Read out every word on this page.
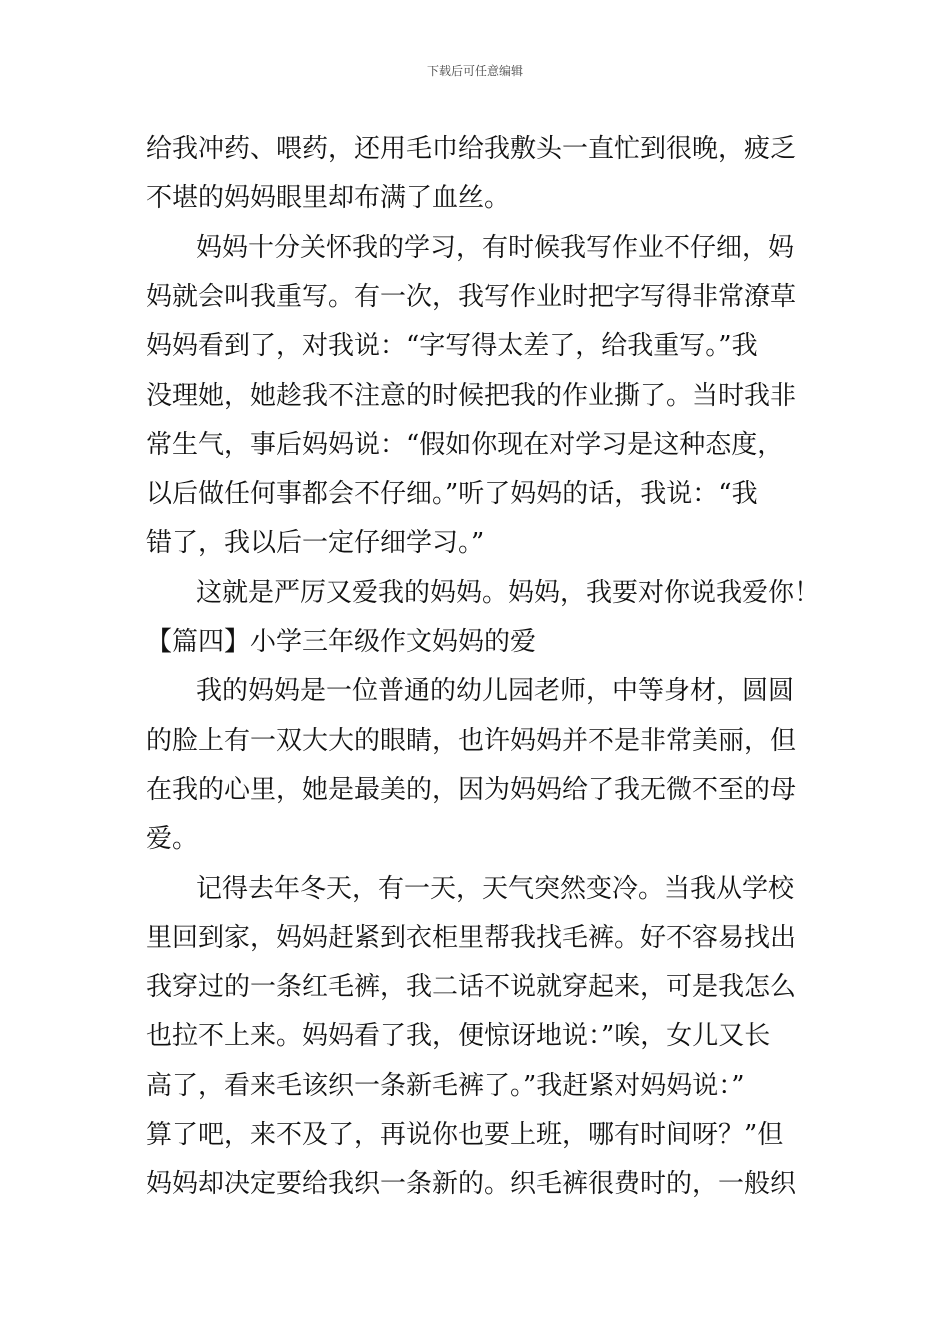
下载后可任意编辑
给我冲药、喂药，还用毛巾给我敷头一直忙到很晚，疲乏
不堪的妈妈眼里却布满了血丝。
妈妈十分关怀我的学习，有时候我写作业不仔细，妈
妈就会叫我重写。有一次，我写作业时把字写得非常潦草
妈妈看到了，对我说：“字写得太差了，给我重写。”我
没理她，她趁我不注意的时候把我的作业撕了。当时我非
常生气，事后妈妈说：“假如你现在对学习是这种态度，
以后做任何事都会不仔细。”听了妈妈的话，我说：“我
错了，我以后一定仔细学习。”
这就是严厉又爱我的妈妈。妈妈，我要对你说我爱你！
【篇四】小学三年级作文妈妈的爱
我的妈妈是一位普通的幼儿园老师，中等身材，圆圆
的脸上有一双大大的眼睛，也许妈妈并不是非常美丽，但
在我的心里，她是最美的，因为妈妈给了我无微不至的母
爱。
记得去年冬天，有一天，天气突然变冷。当我从学校
里回到家，妈妈赶紧到衣柜里帮我找毛裤。好不容易找出
我穿过的一条红毛裤，我二话不说就穿起来，可是我怎么
也拉不上来。妈妈看了我，便惊讶地说：”唉，女儿又长
高了，看来毛该织一条新毛裤了。”我赶紧对妈妈说：”
算了吧，来不及了，再说你也要上班，哪有时间呀？”但
妈妈却决定要给我织一条新的。织毛裤很费时的，一般织
